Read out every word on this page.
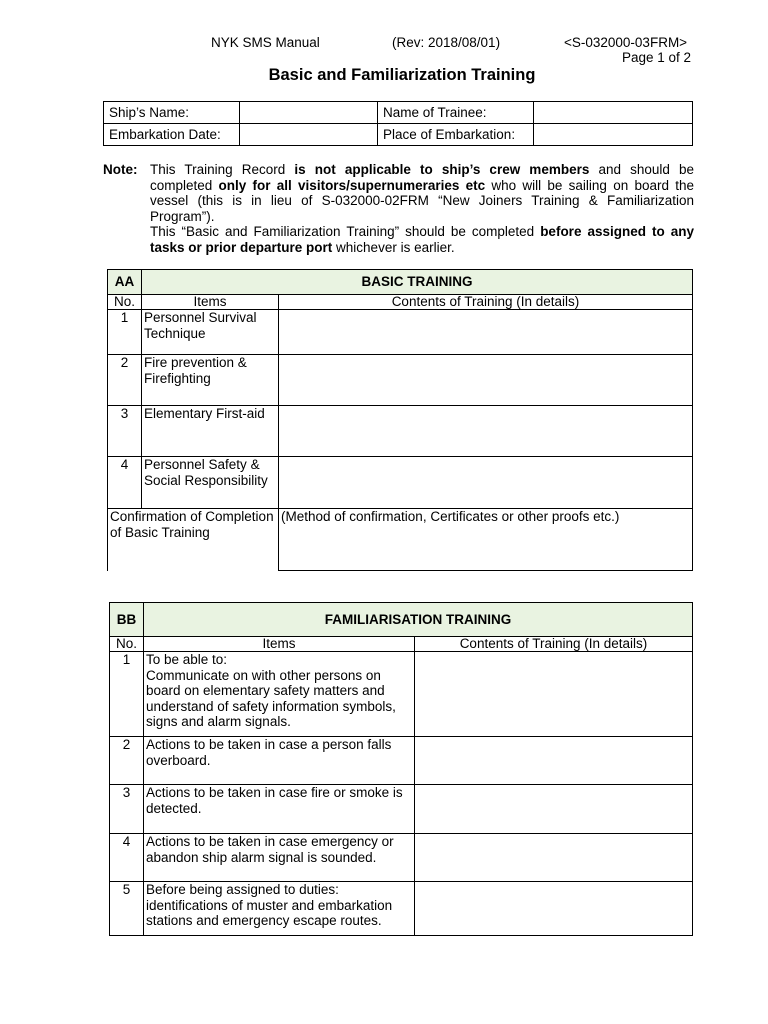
NYK SMS Manual	(Rev: 2018/08/01)	<S-032000-03FRM>
Page 1 of 2
Basic and Familiarization Training
Ship’s Name:		Name of Trainee:	
Embarkation Date:		Place of Embarkation:	
Note: This Training Record is not applicable to ship’s crew members and should be completed only for all visitors/supernumeraries etc who will be sailing on board the vessel (this is in lieu of S-032000-02FRM “New Joiners Training & Familiarization Program”).

This “Basic and Familiarization Training” should be completed before assigned to any tasks or prior departure port whichever is earlier.

AA	BASIC TRAINING	
No.	Items	Contents of Training (In details)
1	Personnel Survival Technique	
2	Fire prevention & Firefighting	
3	Elementary First-aid	
4	Personnel Safety & Social Responsibility	
Confirmation of Completion of Basic Training		(Method of confirmation, Certificates or other proofs etc.)
BB	FAMILIARISATION TRAINING	
No.	Items	Contents of Training (In details)
1	To be able to:
Communicate on with other persons on board on elementary safety matters and understand of safety information symbols, signs and alarm signals.	

2	Actions to be taken in case a person falls overboard.	
3	Actions to be taken in case fire or smoke is detected.	
4	Actions to be taken in case emergency or abandon ship alarm signal is sounded.	
5	Before being assigned to duties:
identifications of muster and embarkation stations and emergency escape routes.	
